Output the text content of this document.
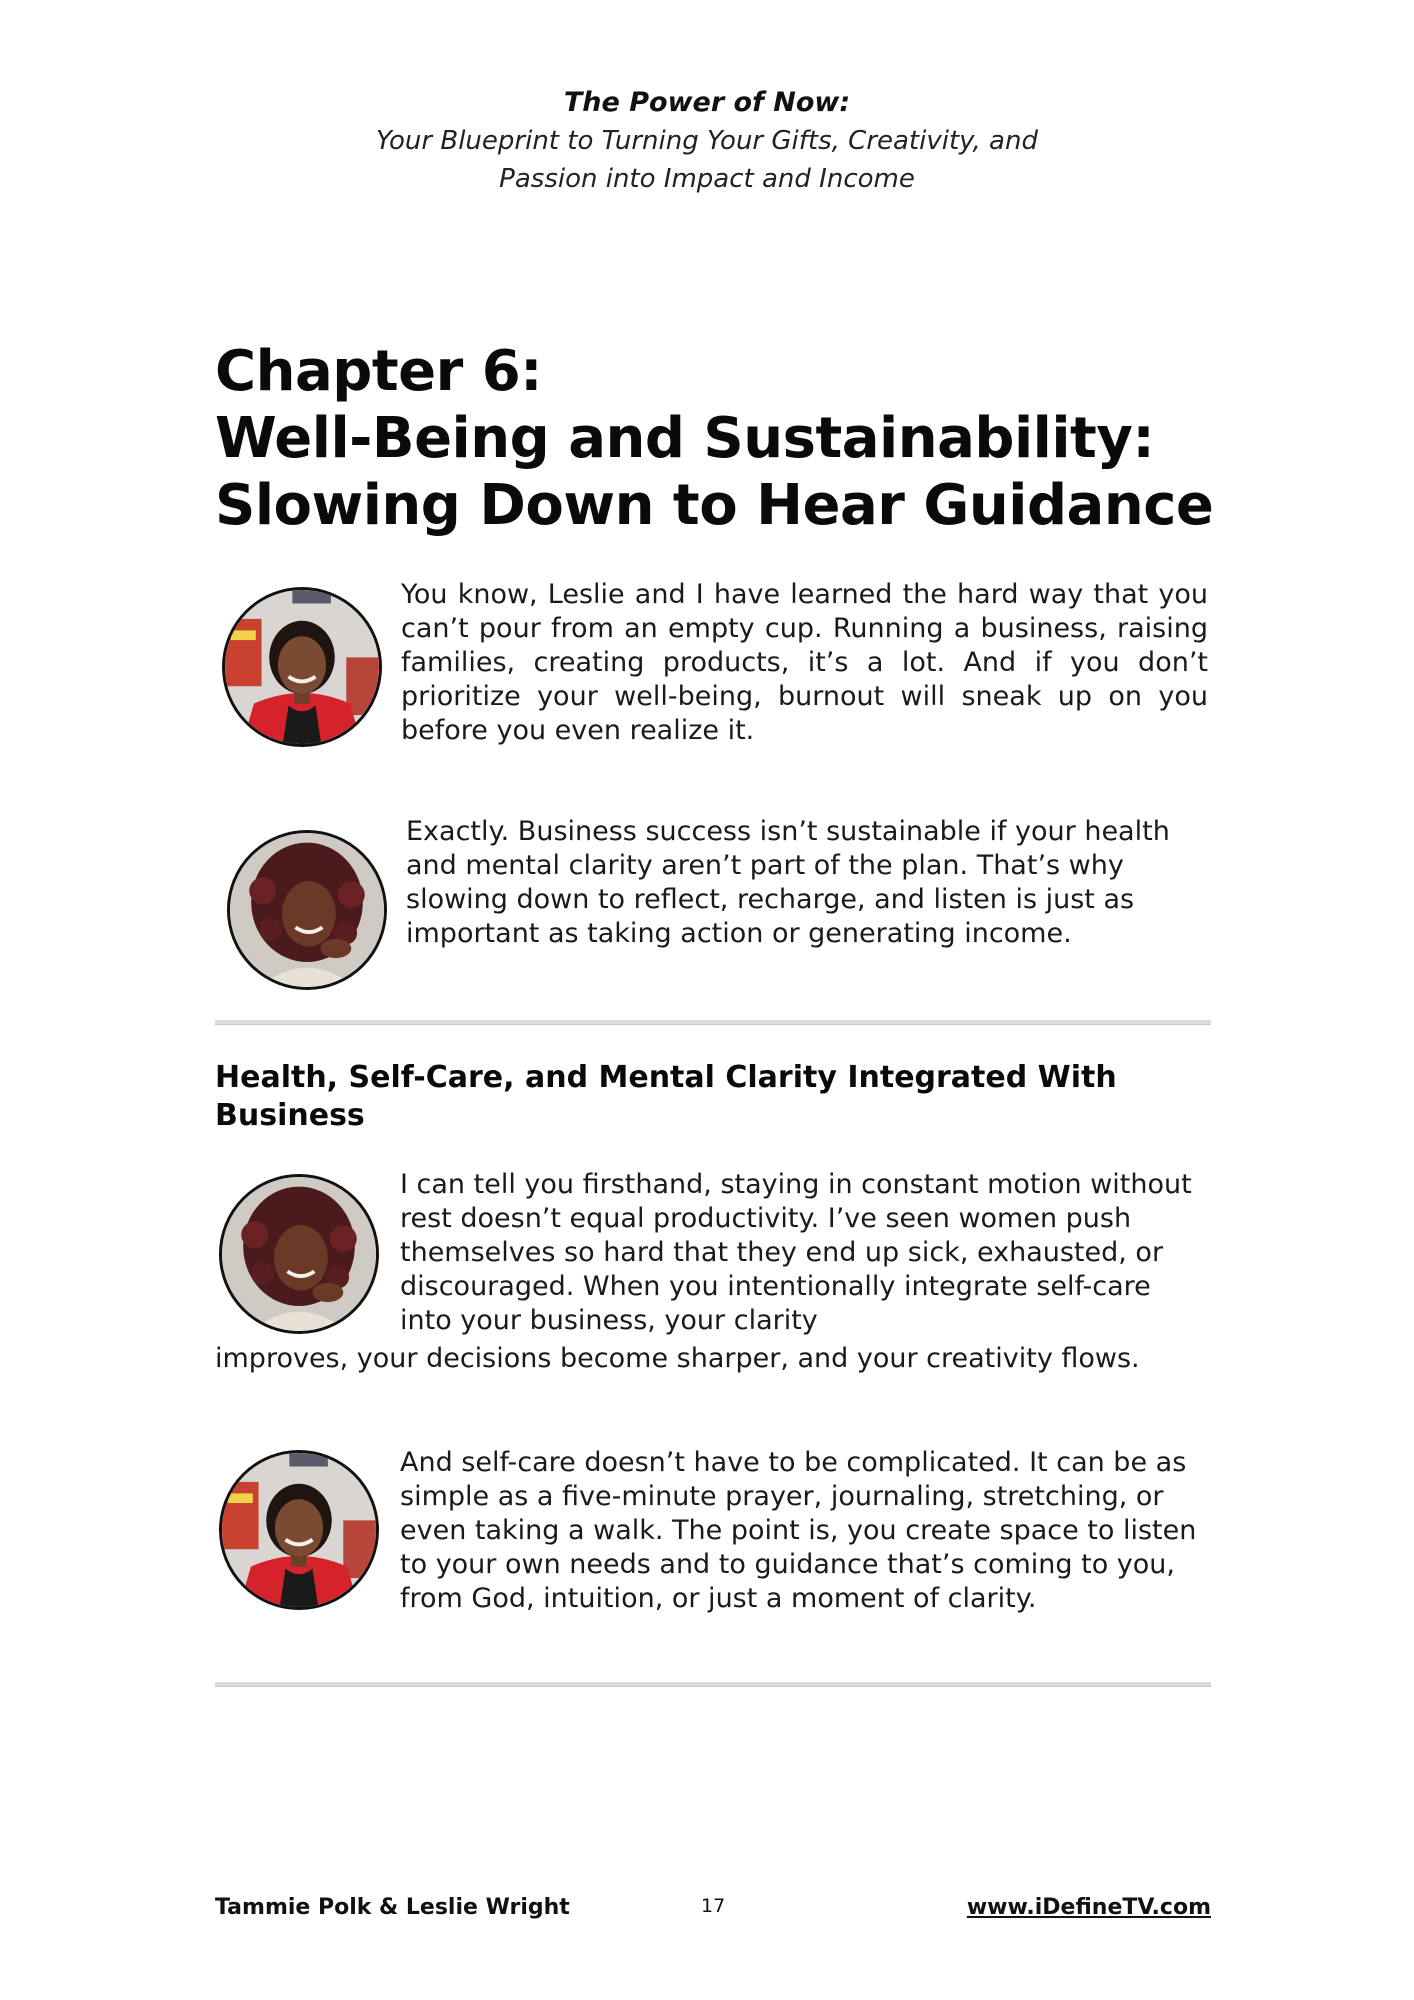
The Power of Now:
Your Blueprint to Turning Your Gifts, Creativity, and
Passion into Impact and Income
Chapter 6:
Well-Being and Sustainability:
Slowing Down to Hear Guidance

You know, Leslie and I have learned the hard way that you can’t pour from an empty cup. Running a business, raising families, creating products, it’s a lot. And if you don’t prioritize your well-being, burnout will sneak up on you before you even realize it.

Exactly. Business success isn’t sustainable if your health and mental clarity aren’t part of the plan. That’s why slowing down to reflect, recharge, and listen is just as important as taking action or generating income.

Health, Self-Care, and Mental Clarity Integrated With Business

I can tell you firsthand, staying in constant motion without rest doesn’t equal productivity. I’ve seen women push themselves so hard that they end up sick, exhausted, or discouraged. When you intentionally integrate self-care into your business, your clarity

improves, your decisions become sharper, and your creativity flows.

And self-care doesn’t have to be complicated. It can be as simple as a five-minute prayer, journaling, stretching, or even taking a walk. The point is, you create space to listen to your own needs and to guidance that’s coming to you, from God, intuition, or just a moment of clarity.

Tammie Polk & Leslie Wright	17	www.iDefineTV.com
